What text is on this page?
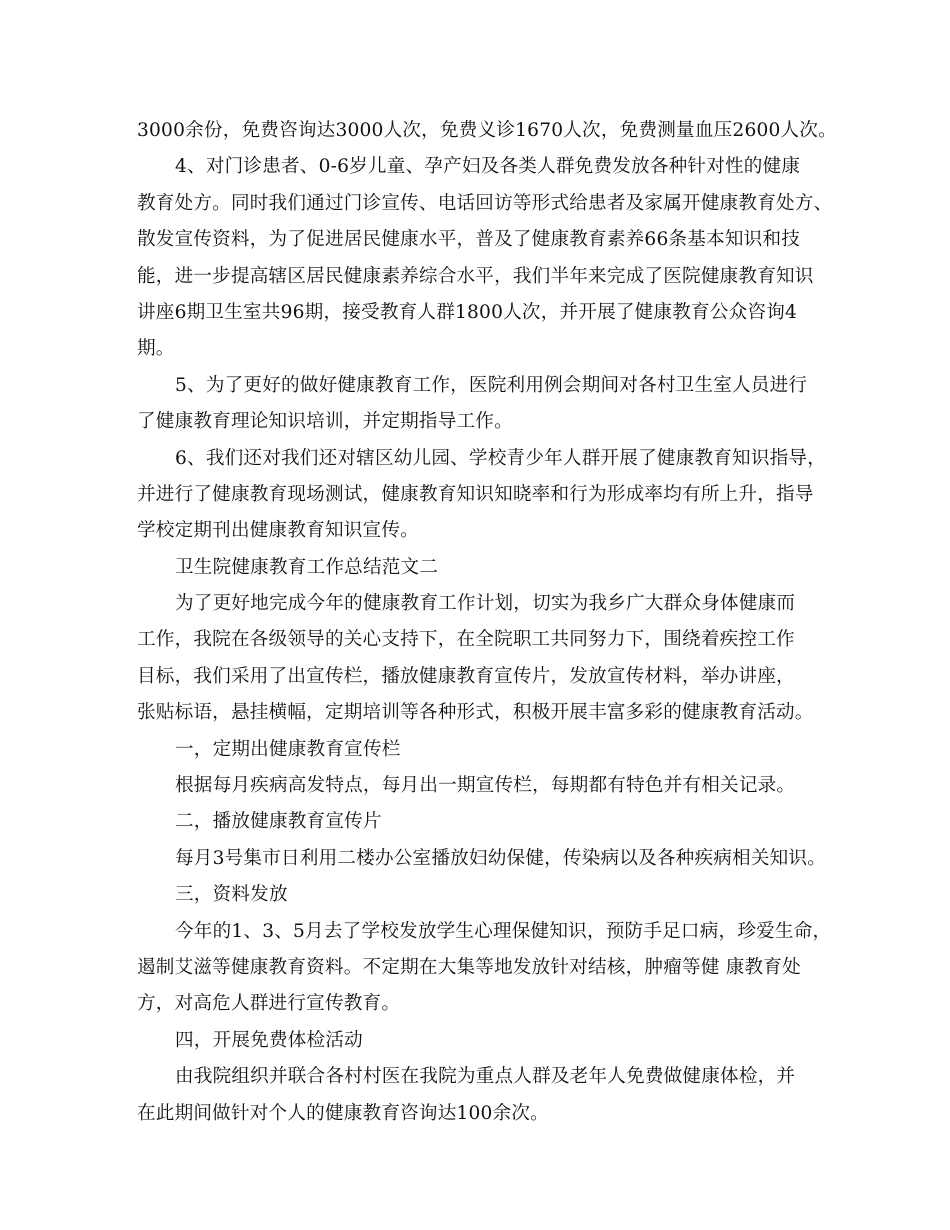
3000余份，免费咨询达3000人次，免费义诊1670人次，免费测量血压2600人次。
4、对门诊患者、0-6岁儿童、孕产妇及各类人群免费发放各种针对性的健康
教育处方。同时我们通过门诊宣传、电话回访等形式给患者及家属开健康教育处方、
散发宣传资料，为了促进居民健康水平，普及了健康教育素养66条基本知识和技
能，进一步提高辖区居民健康素养综合水平，我们半年来完成了医院健康教育知识
讲座6期卫生室共96期，接受教育人群1800人次，并开展了健康教育公众咨询4
期。
5、为了更好的做好健康教育工作，医院利用例会期间对各村卫生室人员进行
了健康教育理论知识培训，并定期指导工作。
6、我们还对我们还对辖区幼儿园、学校青少年人群开展了健康教育知识指导，
并进行了健康教育现场测试，健康教育知识知晓率和行为形成率均有所上升，指导
学校定期刊出健康教育知识宣传。
卫生院健康教育工作总结范文二
为了更好地完成今年的健康教育工作计划，切实为我乡广大群众身体健康而
工作，我院在各级领导的关心支持下，在全院职工共同努力下，围绕着疾控工作
目标，我们采用了出宣传栏，播放健康教育宣传片，发放宣传材料，举办讲座，
张贴标语，悬挂横幅，定期培训等各种形式，积极开展丰富多彩的健康教育活动。
一，定期出健康教育宣传栏
根据每月疾病高发特点，每月出一期宣传栏，每期都有特色并有相关记录。
二，播放健康教育宣传片
每月3号集市日利用二楼办公室播放妇幼保健，传染病以及各种疾病相关知识。
三，资料发放
今年的1、3、5月去了学校发放学生心理保健知识，预防手足口病，珍爱生命，
遏制艾滋等健康教育资料。不定期在大集等地发放针对结核，肿瘤等健 康教育处
方，对高危人群进行宣传教育。
四，开展免费体检活动
由我院组织并联合各村村医在我院为重点人群及老年人免费做健康体检，并
在此期间做针对个人的健康教育咨询达100余次。
